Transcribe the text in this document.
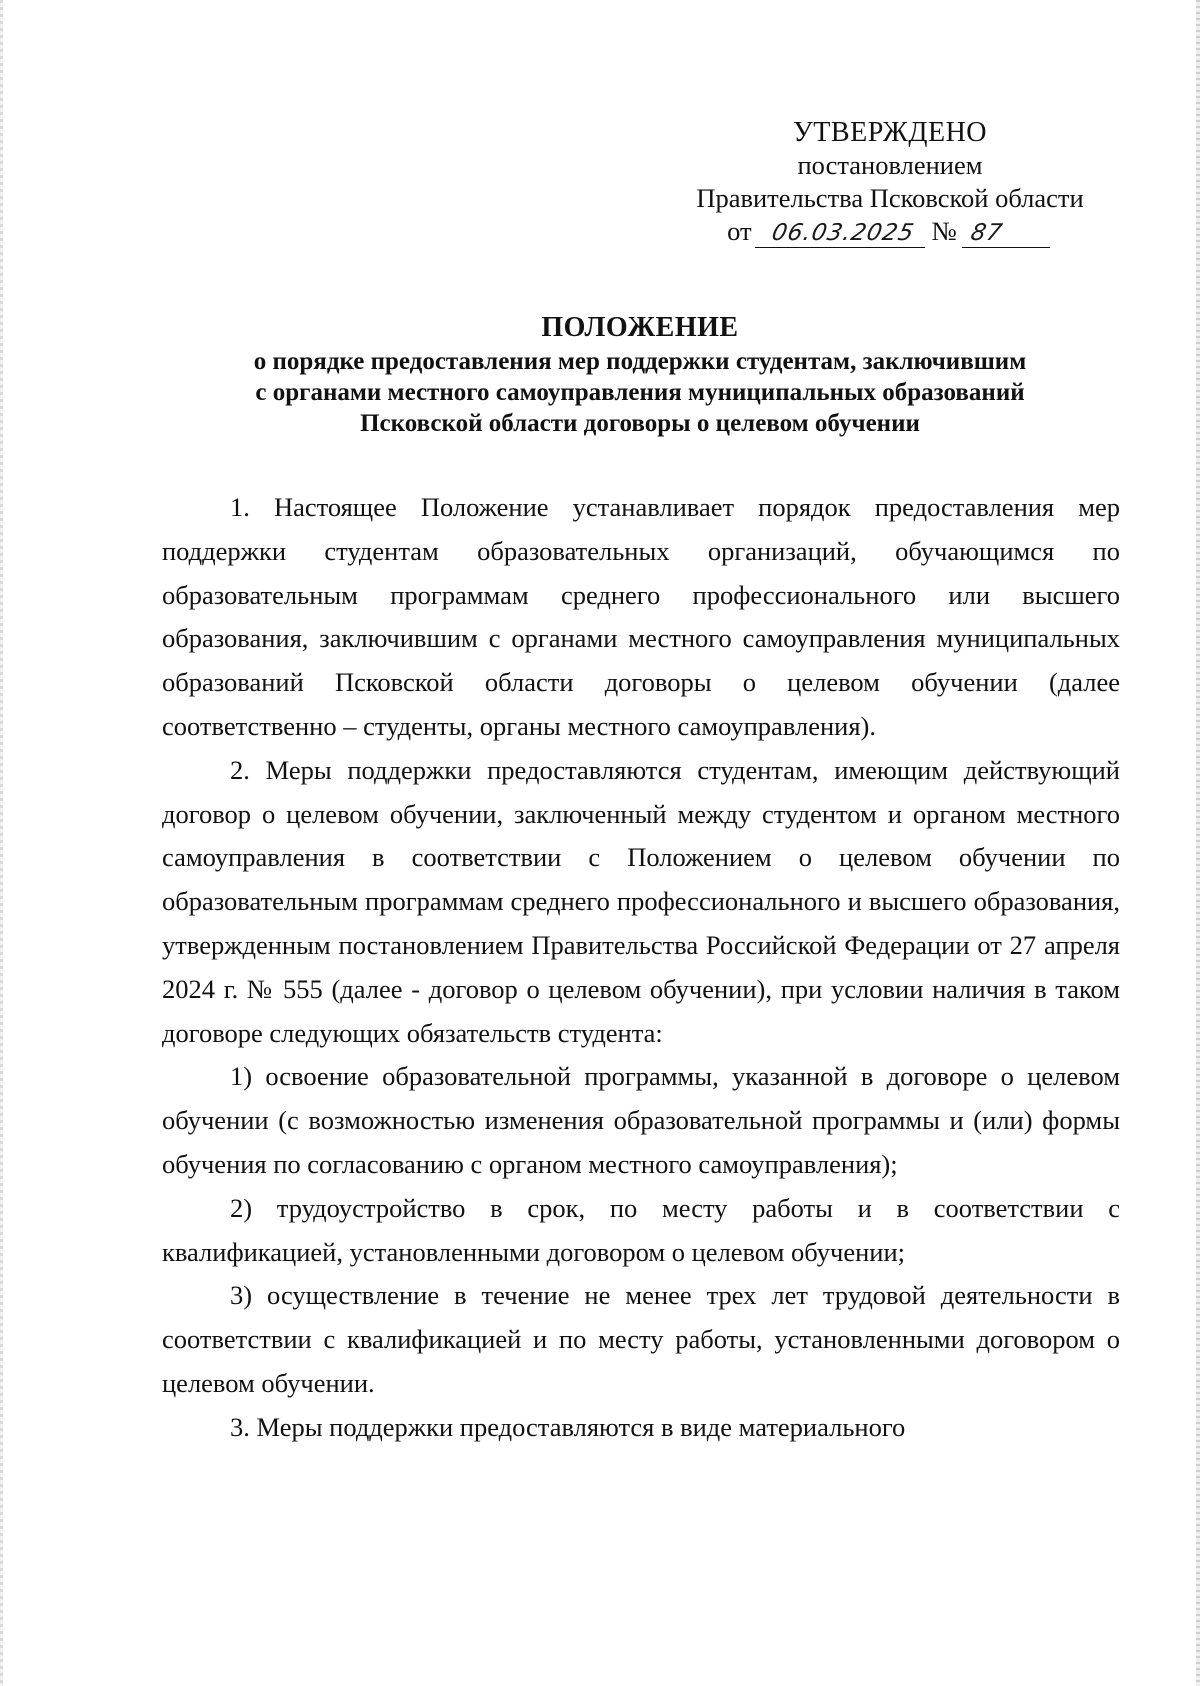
УТВЕРЖДЕНО
постановлением
Правительства Псковской области
от 06.03.2025 № 87
ПОЛОЖЕНИЕ
о порядке предоставления мер поддержки студентам, заключившим
с органами местного самоуправления муниципальных образований
Псковской области договоры о целевом обучении

1. Настоящее Положение устанавливает порядок предоставления мер поддержки студентам образовательных организаций, обучающимся по образовательным программам среднего профессионального или высшего образования, заключившим с органами местного самоуправления муниципальных образований Псковской области договоры о целевом обучении (далее соответственно – студенты, органы местного самоуправления).

2. Меры поддержки предоставляются студентам, имеющим действующий договор о целевом обучении, заключенный между студентом и органом местного самоуправления в соответствии с Положением о целевом обучении по образовательным программам среднего профессионального и высшего образования, утвержденным постановлением Правительства Российской Федерации от 27 апреля 2024 г. № 555 (далее - договор о целевом обучении), при условии наличия в таком договоре следующих обязательств студента:

1) освоение образовательной программы, указанной в договоре о целевом обучении (с возможностью изменения образовательной программы и (или) формы обучения по согласованию с органом местного самоуправления);

2) трудоустройство в срок, по месту работы и в соответствии с квалификацией, установленными договором о целевом обучении;

3) осуществление в течение не менее трех лет трудовой деятельности в соответствии с квалификацией и по месту работы, установленными договором о целевом обучении.

3. Меры поддержки предоставляются в виде материального
